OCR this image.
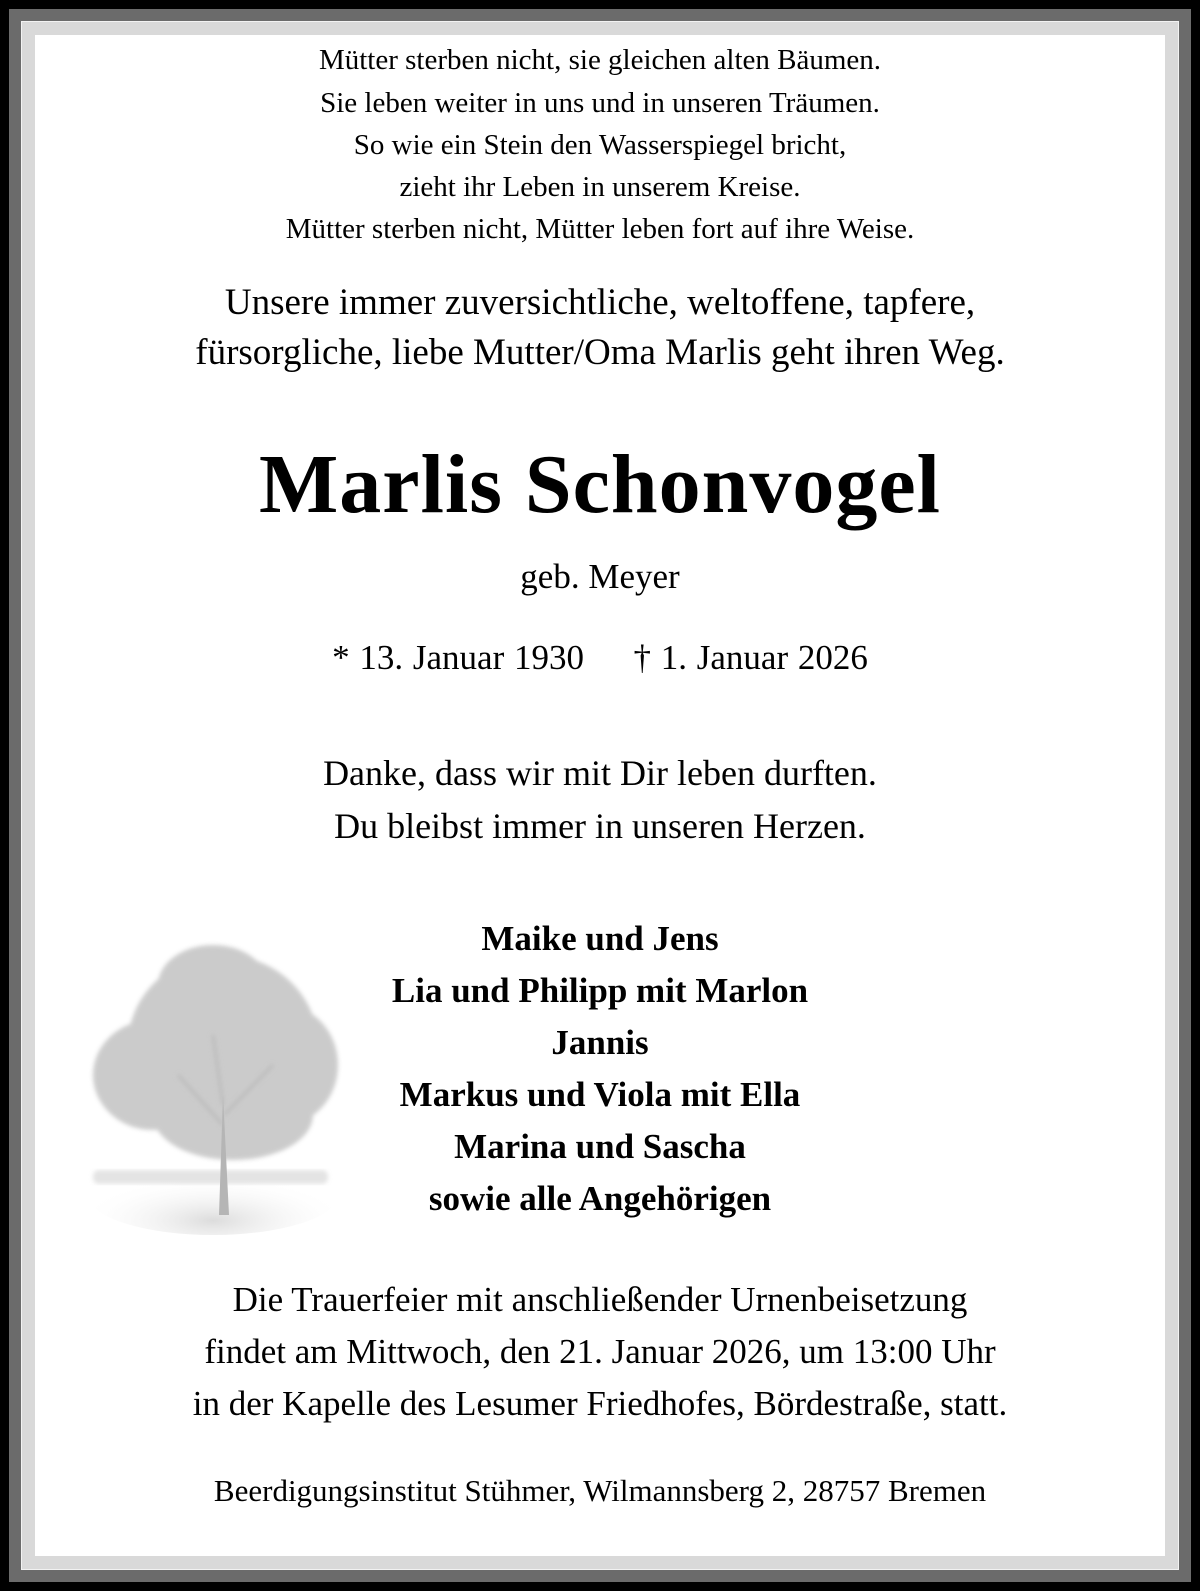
Mütter sterben nicht, sie gleichen alten Bäumen.
Sie leben weiter in uns und in unseren Träumen.
So wie ein Stein den Wasserspiegel bricht,
zieht ihr Leben in unserem Kreise.
Mütter sterben nicht, Mütter leben fort auf ihre Weise.
Unsere immer zuversichtliche, weltoffene, tapfere,
fürsorgliche, liebe Mutter/Oma Marlis geht ihren Weg.
Marlis Schonvogel
geb. Meyer
* 13. Januar 1930 † 1. Januar 2026
Danke, dass wir mit Dir leben durften.
Du bleibst immer in unseren Herzen.
Maike und Jens
Lia und Philipp mit Marlon
Jannis
Markus und Viola mit Ella
Marina und Sascha
sowie alle Angehörigen
Die Trauerfeier mit anschließender Urnenbeisetzung
findet am Mittwoch, den 21. Januar 2026, um 13:00 Uhr
in der Kapelle des Lesumer Friedhofes, Bördestraße, statt.
Beerdigungsinstitut Stühmer, Wilmannsberg 2, 28757 Bremen
